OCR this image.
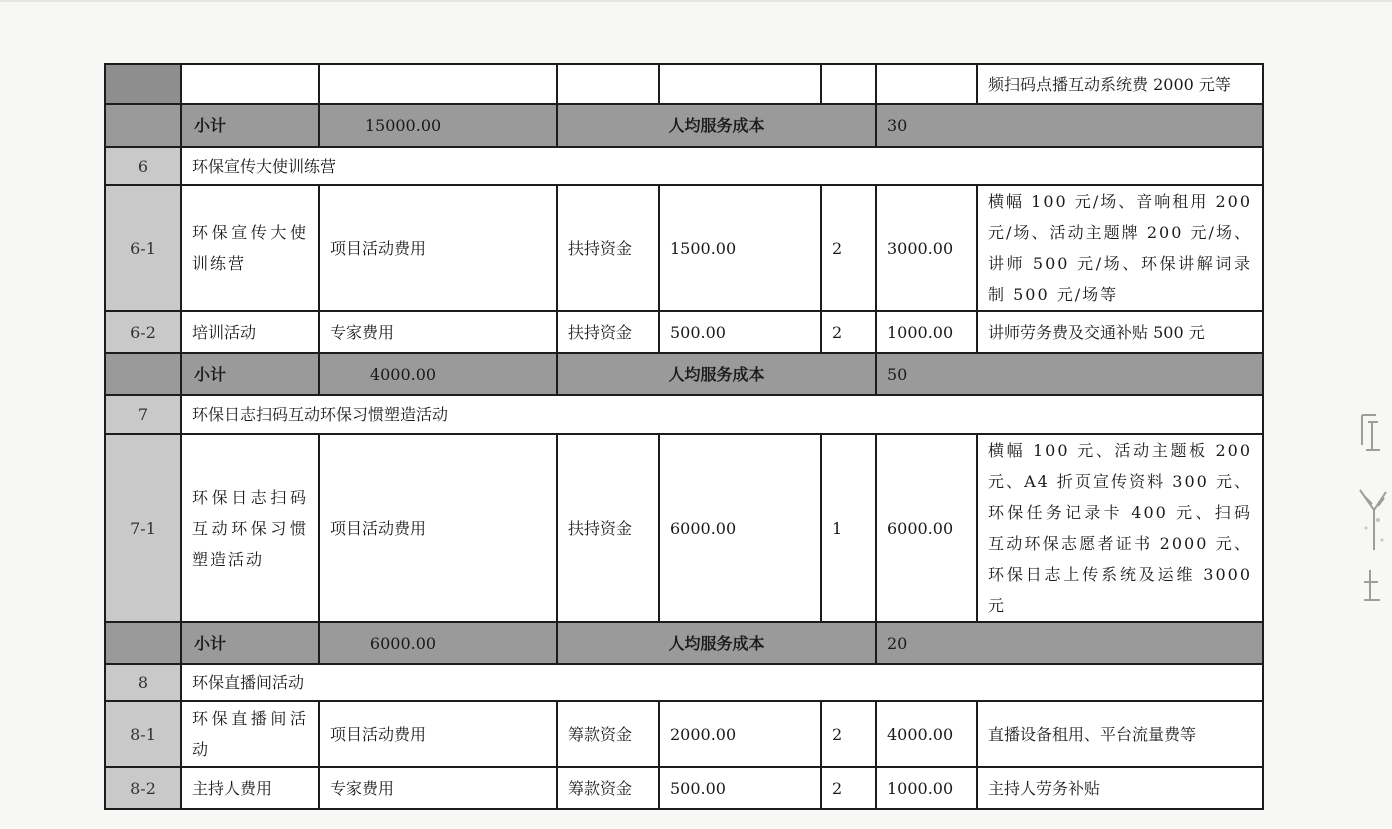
							频扫码点播互动系统费 2000 元等
	小计	15000.00	人均服务成本			30	
6	环保宣传大使训练营						
6-1	环保宣传大使训练营	项目活动费用	扶持资金	1500.00	2	3000.00	横幅 100 元/场、音响租用 200 元/场、活动主题牌 200 元/场、讲师 500 元/场、环保讲解词录制 500 元/场等
6-2	培训活动	专家费用	扶持资金	500.00	2	1000.00	讲师劳务费及交通补贴 500 元
	小计	4000.00	人均服务成本			50	
7	环保日志扫码互动环保习惯塑造活动						
7-1	环保日志扫码互动环保习惯塑造活动	项目活动费用	扶持资金	6000.00	1	6000.00	横幅 100 元、活动主题板 200 元、A4 折页宣传资料 300 元、环保任务记录卡 400 元、扫码互动环保志愿者证书 2000 元、环保日志上传系统及运维 3000 元
	小计	6000.00	人均服务成本			20	
8	环保直播间活动						
8-1	环保直播间活动	项目活动费用	筹款资金	2000.00	2	4000.00	直播设备租用、平台流量费等
8-2	主持人费用	专家费用	筹款资金	500.00	2	1000.00	主持人劳务补贴
